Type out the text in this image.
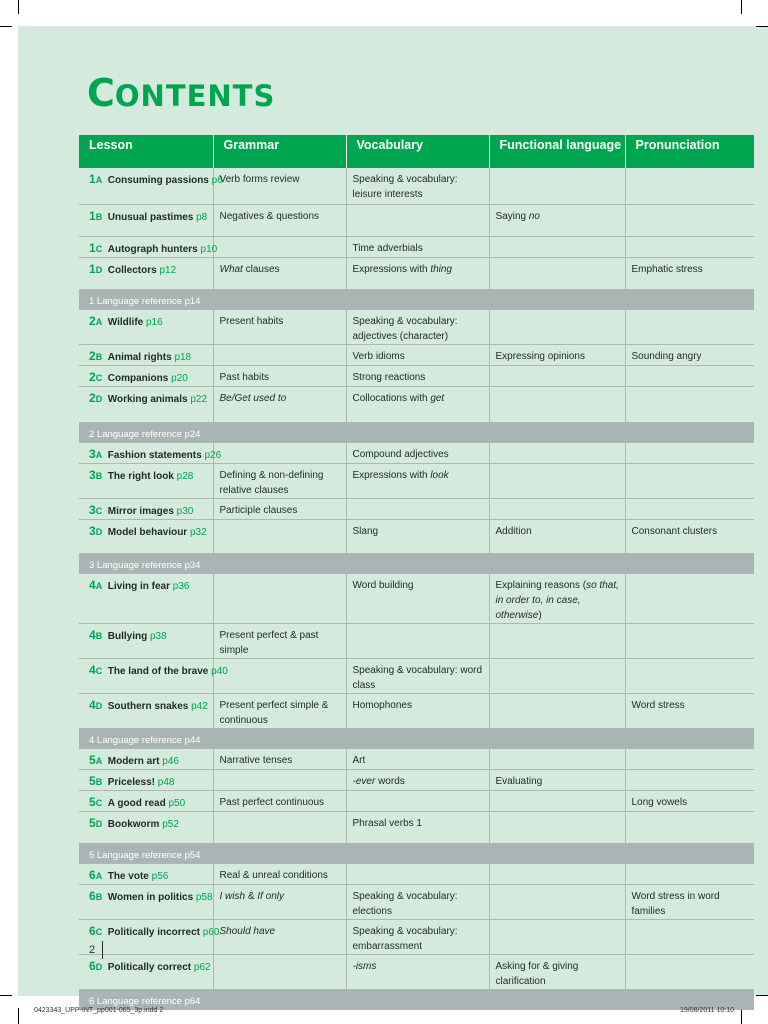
CONTENTS
Lesson	Grammar	Vocabulary	Functional language	Pronunciation
1A Consuming passions p6	Verb forms review	Speaking & vocabulary: leisure interests		
1B Unusual pastimes p8	Negatives & questions		Saying no	
1C Autograph hunters p10		Time adverbials		
1D Collectors p12	What clauses	Expressions with thing		Emphatic stress
1 Language reference p14				
2A Wildlife p16	Present habits	Speaking & vocabulary: adjectives (character)		
2B Animal rights p18		Verb idioms	Expressing opinions	Sounding angry
2C Companions p20	Past habits	Strong reactions		
2D Working animals p22	Be/Get used to	Collocations with get		
2 Language reference p24				
3A Fashion statements p26		Compound adjectives		
3B The right look p28	Defining & non-defining relative clauses	Expressions with look		
3C Mirror images p30	Participle clauses			
3D Model behaviour p32		Slang	Addition	Consonant clusters
3 Language reference p34				
4A Living in fear p36		Word building	Explaining reasons (so that, in order to, in case, otherwise)	
4B Bullying p38	Present perfect & past simple			
4C The land of the brave p40		Speaking & vocabulary: word class		
4D Southern snakes p42	Present perfect simple & continuous	Homophones		Word stress
4 Language reference p44				
5A Modern art p46	Narrative tenses	Art		
5B Priceless! p48		-ever words	Evaluating	
5C A good read p50	Past perfect continuous			Long vowels
5D Bookworm p52		Phrasal verbs 1		
5 Language reference p54				
6A The vote p56	Real & unreal conditions			
6B Women in politics p58	I wish & If only	Speaking & vocabulary: elections		Word stress in word families
6C Politically incorrect p60	Should have	Speaking & vocabulary: embarrassment		
6D Politically correct p62		-isms	Asking for & giving clarification	
6 Language reference p64				
2
0423343_UPP-INT_pp001-065_3p.indd 2	19/08/2011 10:10
